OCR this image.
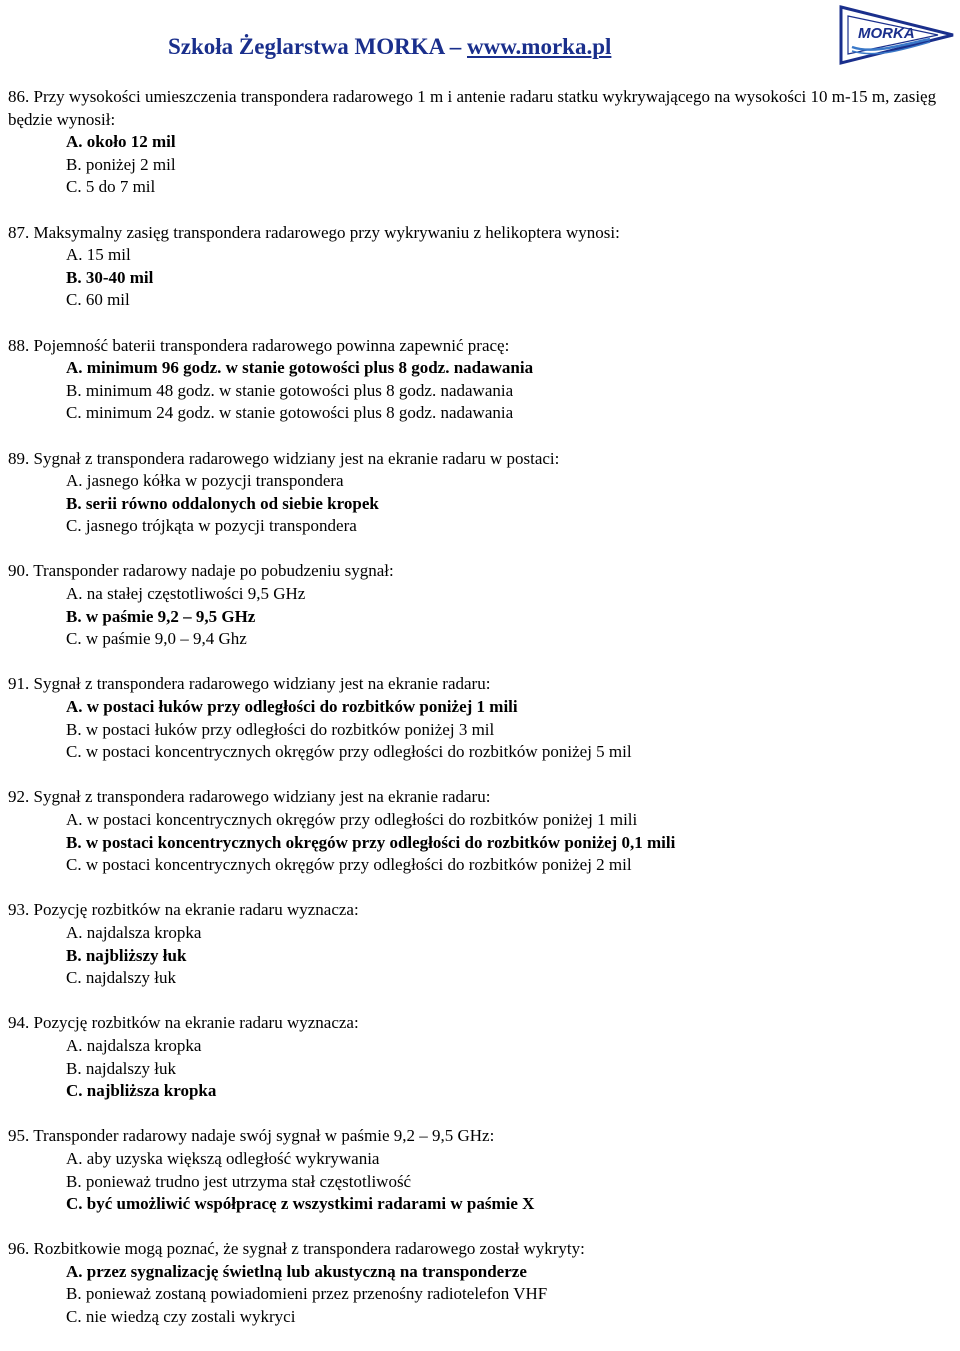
Szkoła Żeglarstwa MORKA – www.morka.pl
MORKA
86. Przy wysokości umieszczenia transpondera radarowego 1 m i antenie radaru statku wykrywającego na wysokości 10 m-15 m, zasięg będzie wynosił:
A. około 12 mil
B. poniżej 2 mil
C. 5 do 7 mil
87. Maksymalny zasięg transpondera radarowego przy wykrywaniu z helikoptera wynosi:
A. 15 mil
B. 30-40 mil
C. 60 mil
88. Pojemność baterii transpondera radarowego powinna zapewnić pracę:
A. minimum 96 godz. w stanie gotowości plus 8 godz. nadawania
B. minimum 48 godz. w stanie gotowości plus 8 godz. nadawania
C. minimum 24 godz. w stanie gotowości plus 8 godz. nadawania
89. Sygnał z transpondera radarowego widziany jest na ekranie radaru w postaci:
A. jasnego kółka w pozycji transpondera
B. serii równo oddalonych od siebie kropek
C. jasnego trójkąta w pozycji transpondera
90. Transponder radarowy nadaje po pobudzeniu sygnał:
A. na stałej częstotliwości 9,5 GHz
B. w paśmie 9,2 – 9,5 GHz
C. w paśmie 9,0 – 9,4 Ghz
91. Sygnał z transpondera radarowego widziany jest na ekranie radaru:
A. w postaci łuków przy odległości do rozbitków poniżej 1 mili
B. w postaci łuków przy odległości do rozbitków poniżej 3 mil
C. w postaci koncentrycznych okręgów przy odległości do rozbitków poniżej 5 mil
92. Sygnał z transpondera radarowego widziany jest na ekranie radaru:
A. w postaci koncentrycznych okręgów przy odległości do rozbitków poniżej 1 mili
B. w postaci koncentrycznych okręgów przy odległości do rozbitków poniżej 0,1 mili
C. w postaci koncentrycznych okręgów przy odległości do rozbitków poniżej 2 mil
93. Pozycję rozbitków na ekranie radaru wyznacza:
A. najdalsza kropka
B. najbliższy łuk
C. najdalszy łuk
94. Pozycję rozbitków na ekranie radaru wyznacza:
A. najdalsza kropka
B. najdalszy łuk
C. najbliższa kropka
95. Transponder radarowy nadaje swój sygnał w paśmie 9,2 – 9,5 GHz:
A. aby uzyska większą odległość wykrywania
B. ponieważ trudno jest utrzyma stał częstotliwość
C. być umożliwić współpracę z wszystkimi radarami w paśmie X
96. Rozbitkowie mogą poznać, że sygnał z transpondera radarowego został wykryty:
A. przez sygnalizację świetlną lub akustyczną na transponderze
B. ponieważ zostaną powiadomieni przez przenośny radiotelefon VHF
C. nie wiedzą czy zostali wykryci
